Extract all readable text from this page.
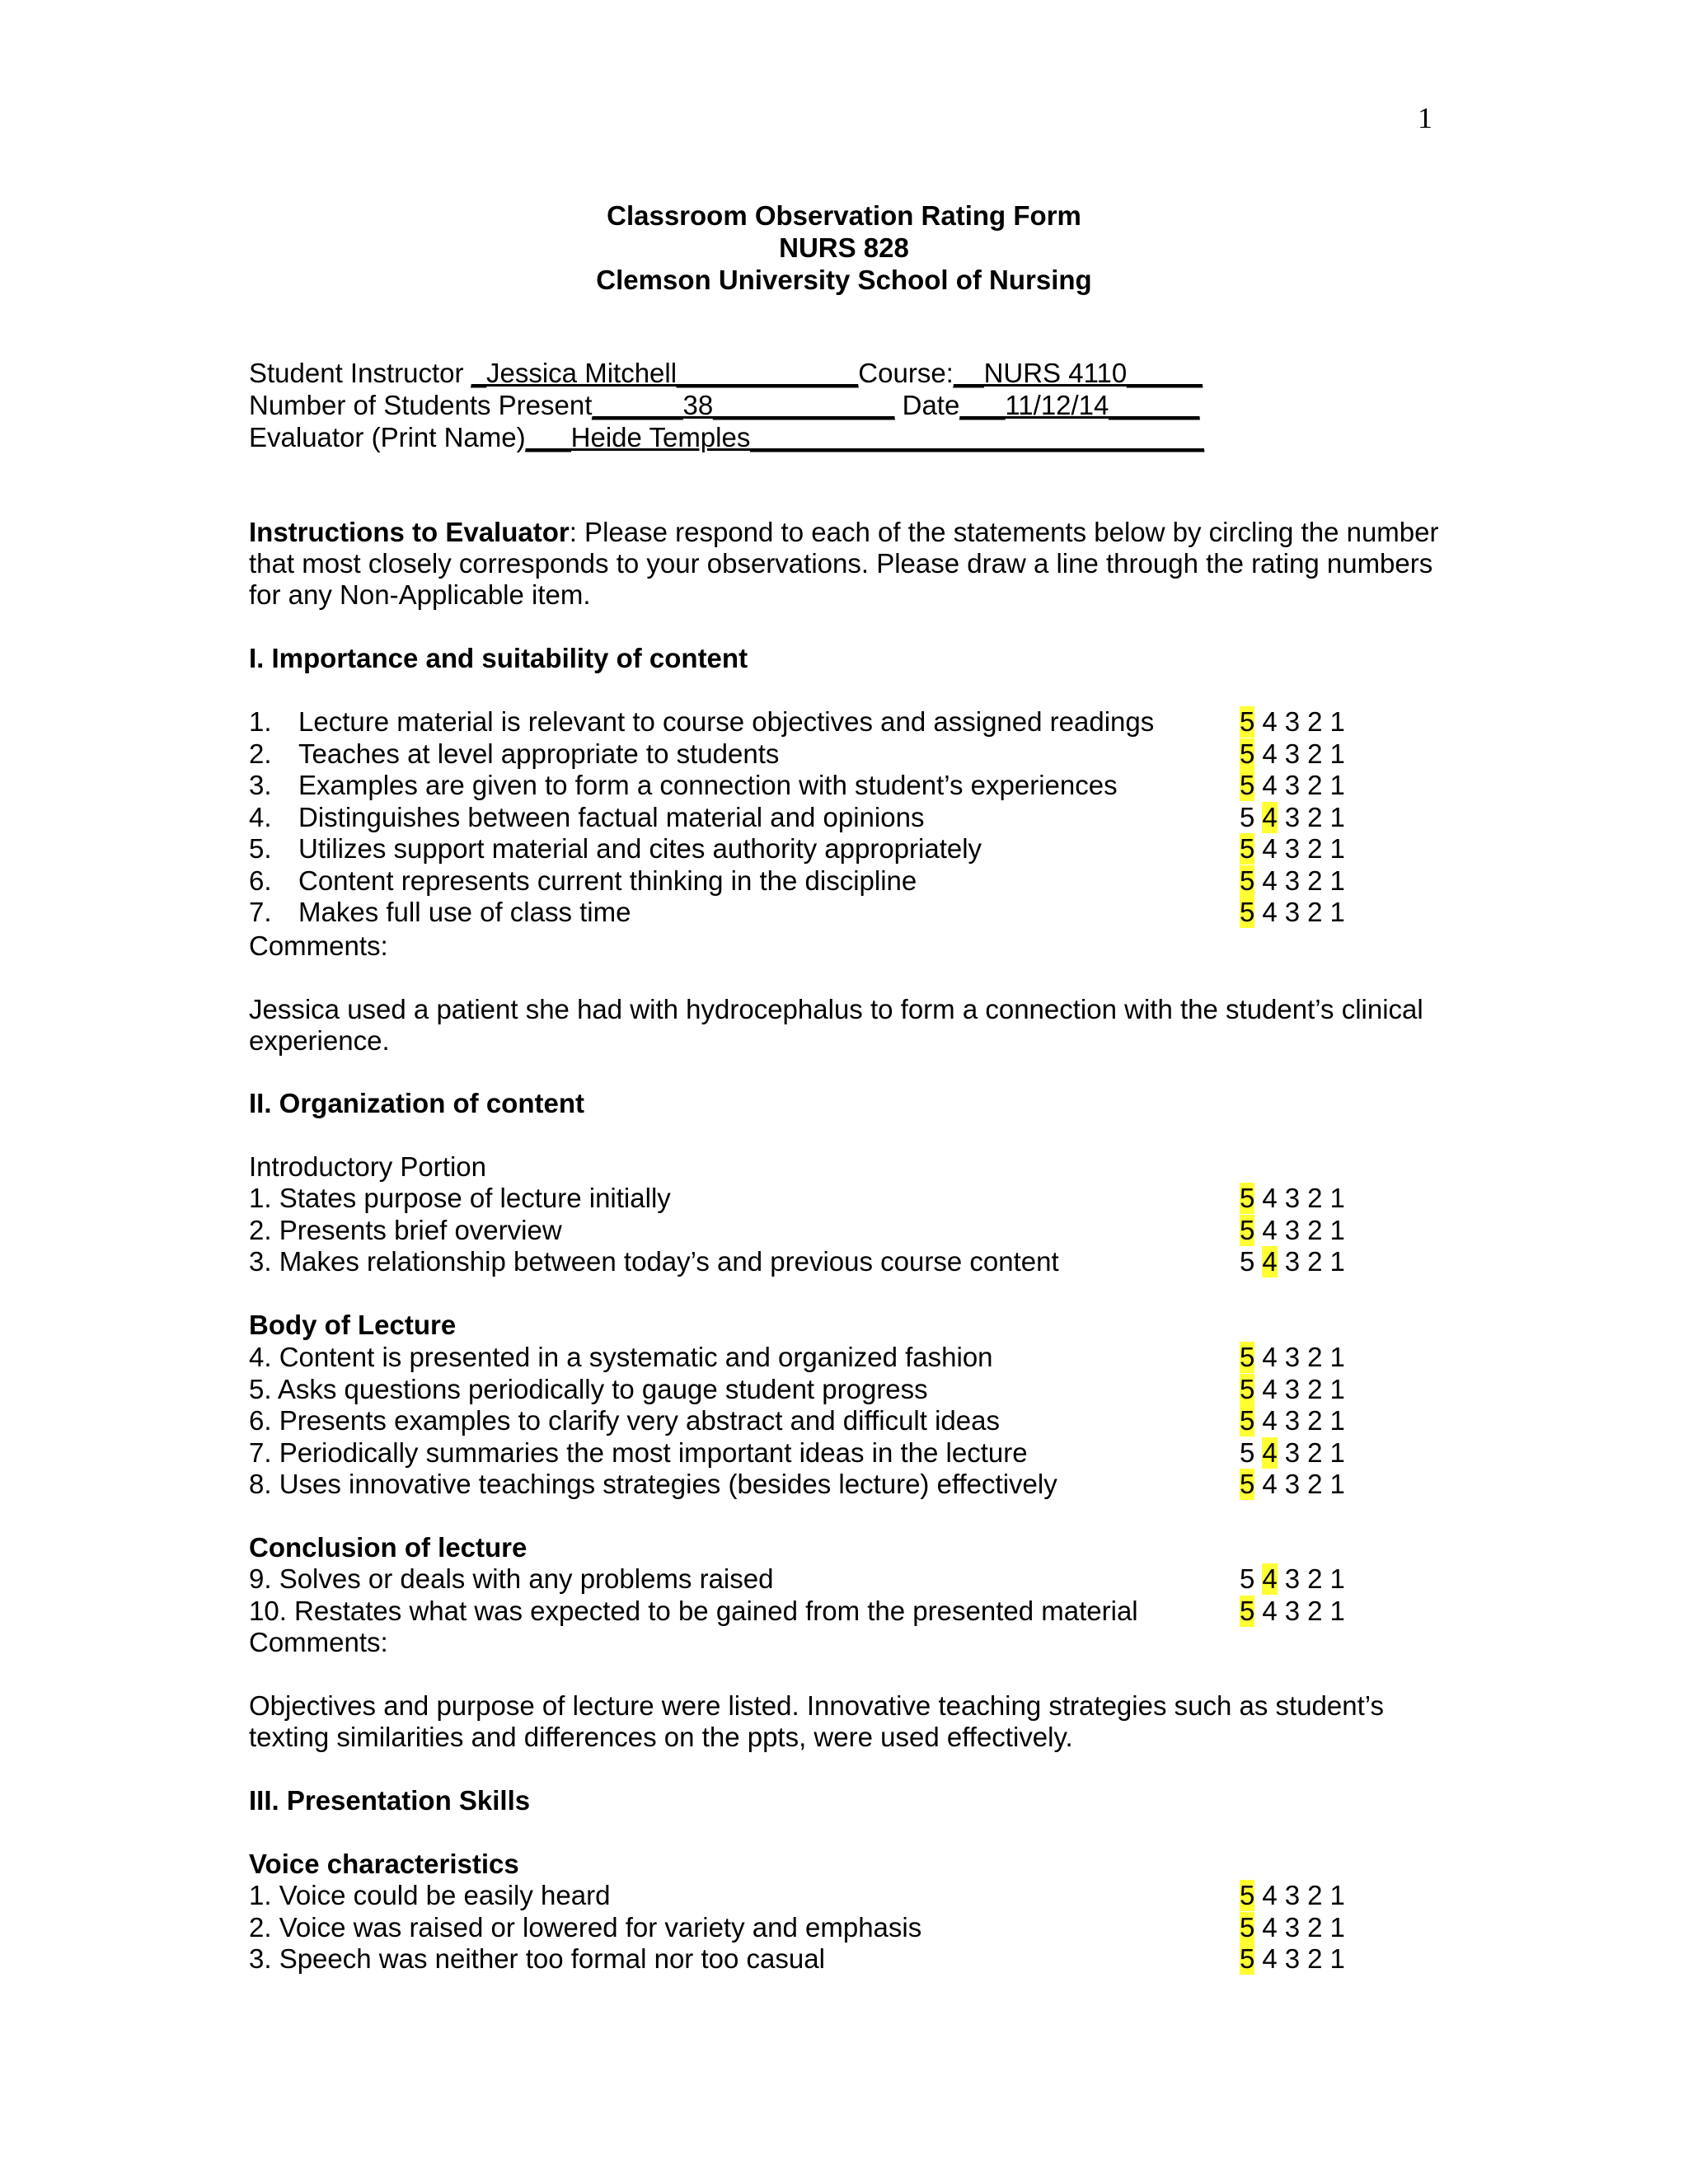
1
Classroom Observation Rating Form
NURS 828
Clemson University School of Nursing
Student Instructor _Jessica Mitchell____________Course:__NURS 4110_____
Number of Students Present______38____________ Date___11/12/14______
Evaluator (Print Name)___Heide Temples______________________________
Instructions to Evaluator: Please respond to each of the statements below by circling the number that most closely corresponds to your observations. Please draw a line through the rating numbers for any Non-Applicable item.
I. Importance and suitability of content
1. Lecture material is relevant to course objectives and assigned readings	5 4 3 2 1
2. Teaches at level appropriate to students	5 4 3 2 1
3. Examples are given to form a connection with student’s experiences	5 4 3 2 1
4. Distinguishes between factual material and opinions	5 4 3 2 1
5. Utilizes support material and cites authority appropriately	5 4 3 2 1
6. Content represents current thinking in the discipline	5 4 3 2 1
7. Makes full use of class time	5 4 3 2 1
Comments:
Jessica used a patient she had with hydrocephalus to form a connection with the student’s clinical experience.
II. Organization of content
Introductory Portion
1. States purpose of lecture initially	5 4 3 2 1
2. Presents brief overview	5 4 3 2 1
3. Makes relationship between today’s and previous course content	5 4 3 2 1
Body of Lecture
4. Content is presented in a systematic and organized fashion	5 4 3 2 1
5. Asks questions periodically to gauge student progress	5 4 3 2 1
6. Presents examples to clarify very abstract and difficult ideas	5 4 3 2 1
7. Periodically summaries the most important ideas in the lecture	5 4 3 2 1
8. Uses innovative teachings strategies (besides lecture) effectively	5 4 3 2 1
Conclusion of lecture
9. Solves or deals with any problems raised	5 4 3 2 1
10. Restates what was expected to be gained from the presented material	5 4 3 2 1
Comments:
Objectives and purpose of lecture were listed. Innovative teaching strategies such as student’s texting similarities and differences on the ppts, were used effectively.
III. Presentation Skills
Voice characteristics
1. Voice could be easily heard	5 4 3 2 1
2. Voice was raised or lowered for variety and emphasis	5 4 3 2 1
3. Speech was neither too formal nor too casual	5 4 3 2 1
